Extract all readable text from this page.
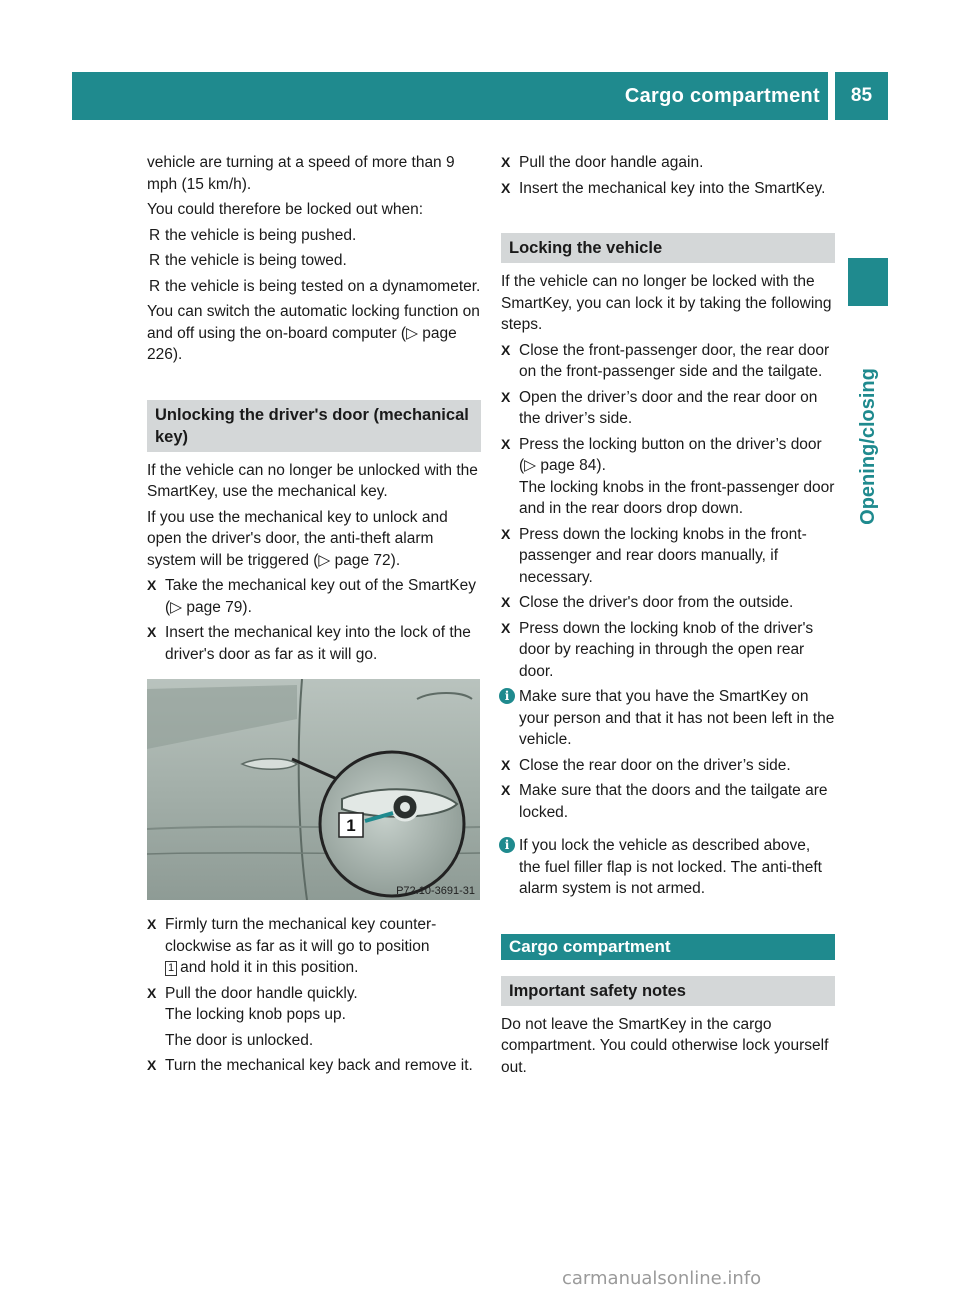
Cargo compartment	85
Opening/closing
vehicle are turning at a speed of more than 9 mph (15 km/h).
You could therefore be locked out when:
R the vehicle is being pushed.
R the vehicle is being towed.
R the vehicle is being tested on a dynamometer.
You can switch the automatic locking function on and off using the on-board computer (▷ page 226).
Unlocking the driver's door (mechanical key)
If the vehicle can no longer be unlocked with the SmartKey, use the mechanical key.
If you use the mechanical key to unlock and open the driver's door, the anti-theft alarm system will be triggered (▷ page 72).
X Take the mechanical key out of the SmartKey (▷ page 79).
X Insert the mechanical key into the lock of the driver's door as far as it will go.
1
P72.10-3691-31
X Firmly turn the mechanical key counter-clockwise as far as it will go to position
1 and hold it in this position.
X Pull the door handle quickly.
The locking knob pops up.
The door is unlocked.
X Turn the mechanical key back and remove it.
X Pull the door handle again.
X Insert the mechanical key into the SmartKey.
Locking the vehicle
If the vehicle can no longer be locked with the SmartKey, you can lock it by taking the following steps.
X Close the front-passenger door, the rear door on the front-passenger side and the tailgate.
X Open the driver’s door and the rear door on the driver’s side.
X Press the locking button on the driver’s door (▷ page 84).
The locking knobs in the front-passenger door and in the rear doors drop down.
X Press down the locking knobs in the front-passenger and rear doors manually, if necessary.
X Close the driver's door from the outside.
X Press down the locking knob of the driver's door by reaching in through the open rear door.
i Make sure that you have the SmartKey on your person and that it has not been left in the vehicle.
X Close the rear door on the driver’s side.
X Make sure that the doors and the tailgate are locked.
i If you lock the vehicle as described above, the fuel filler flap is not locked. The anti-theft alarm system is not armed.
Cargo compartment
Important safety notes
Do not leave the SmartKey in the cargo compartment. You could otherwise lock yourself out.
carmanualsonline.info
